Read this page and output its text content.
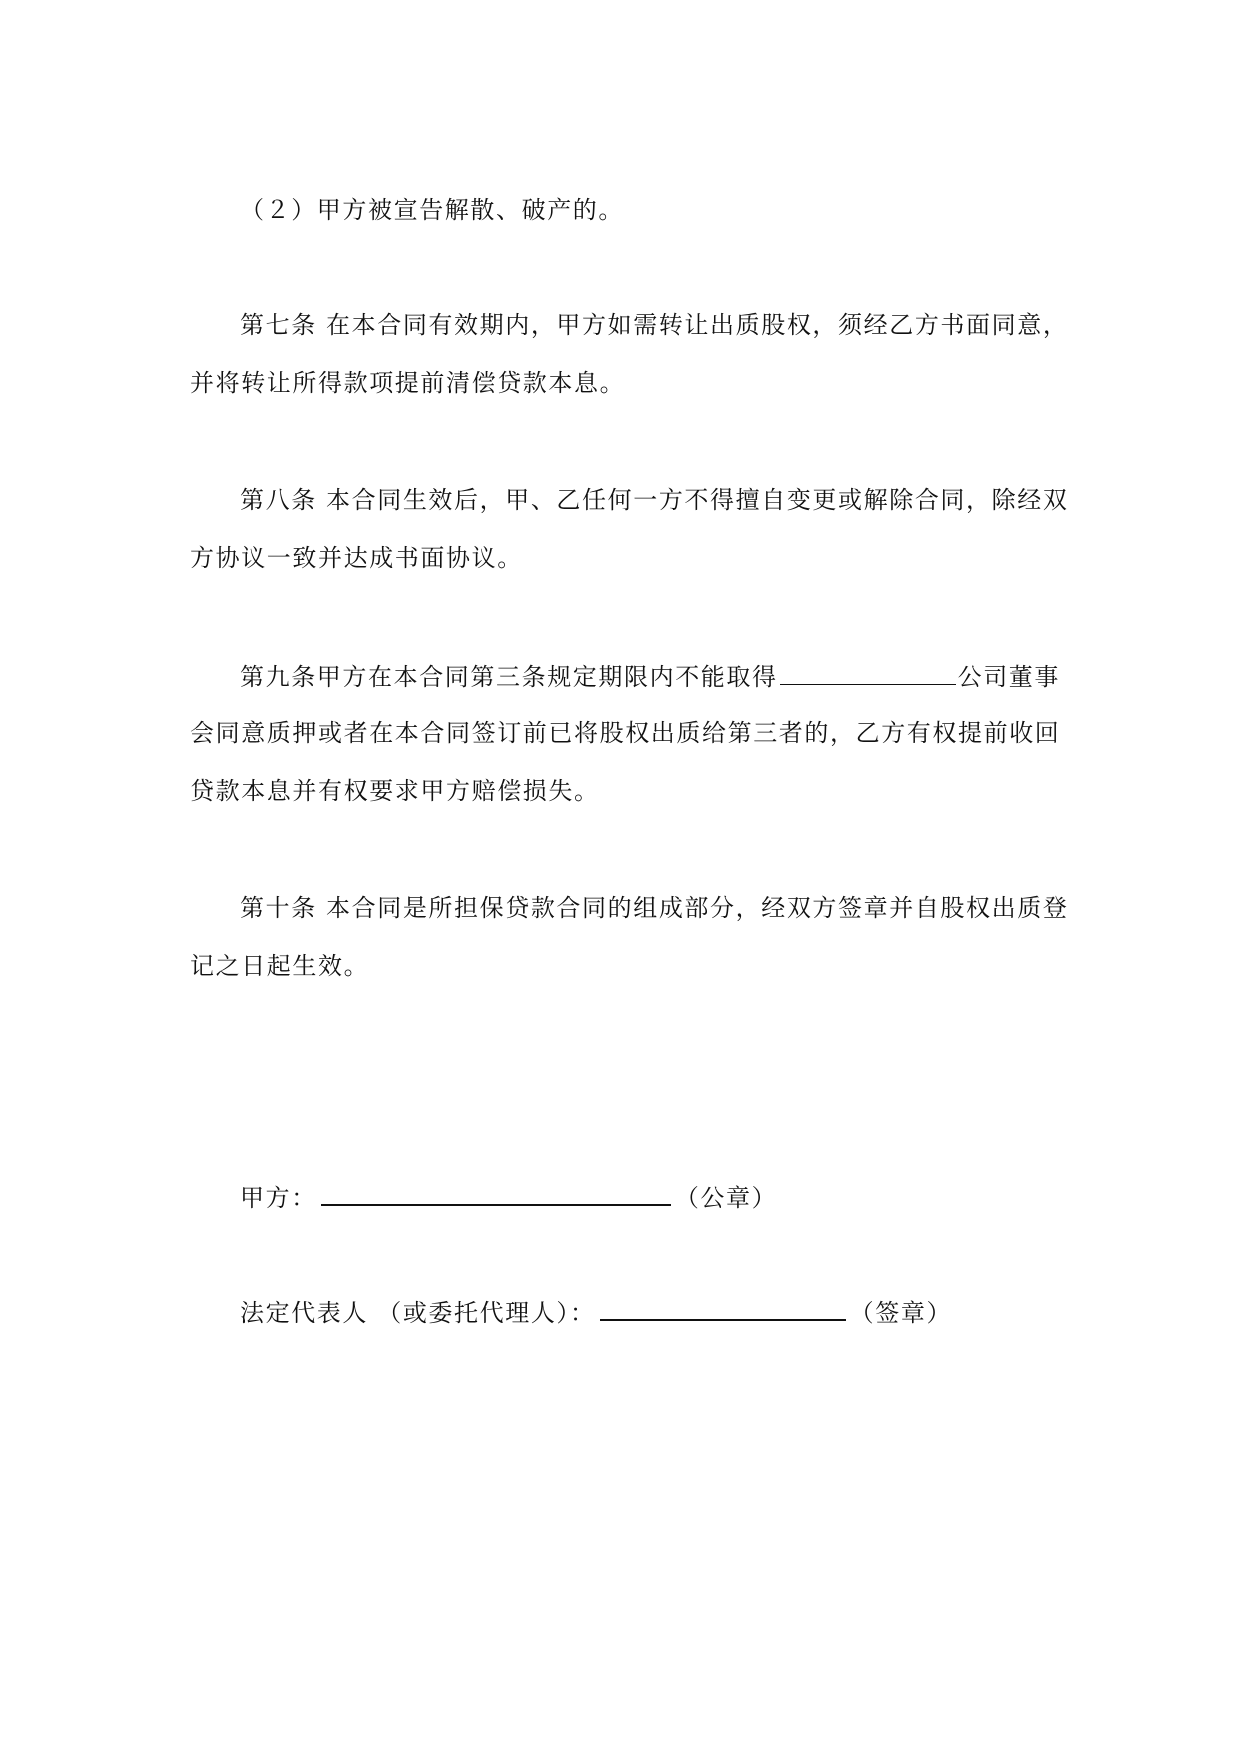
（２）甲方被宣告解散、破产的。
第七条 在本合同有效期内，甲方如需转让出质股权，须经乙方书面同意，
并将转让所得款项提前清偿贷款本息。
第八条 本合同生效后，甲、乙任何一方不得擅自变更或解除合同，除经双
方协议一致并达成书面协议。
第九条甲方在本合同第三条规定期限内不能取得	公司董事
会同意质押或者在本合同签订前已将股权出质给第三者的，乙方有权提前收回
贷款本息并有权要求甲方赔偿损失。
第十条 本合同是所担保贷款合同的组成部分，经双方签章并自股权出质登
记之日起生效。
甲方：	（公章）
法定代表人 （或委托代理人）：	（签章）
